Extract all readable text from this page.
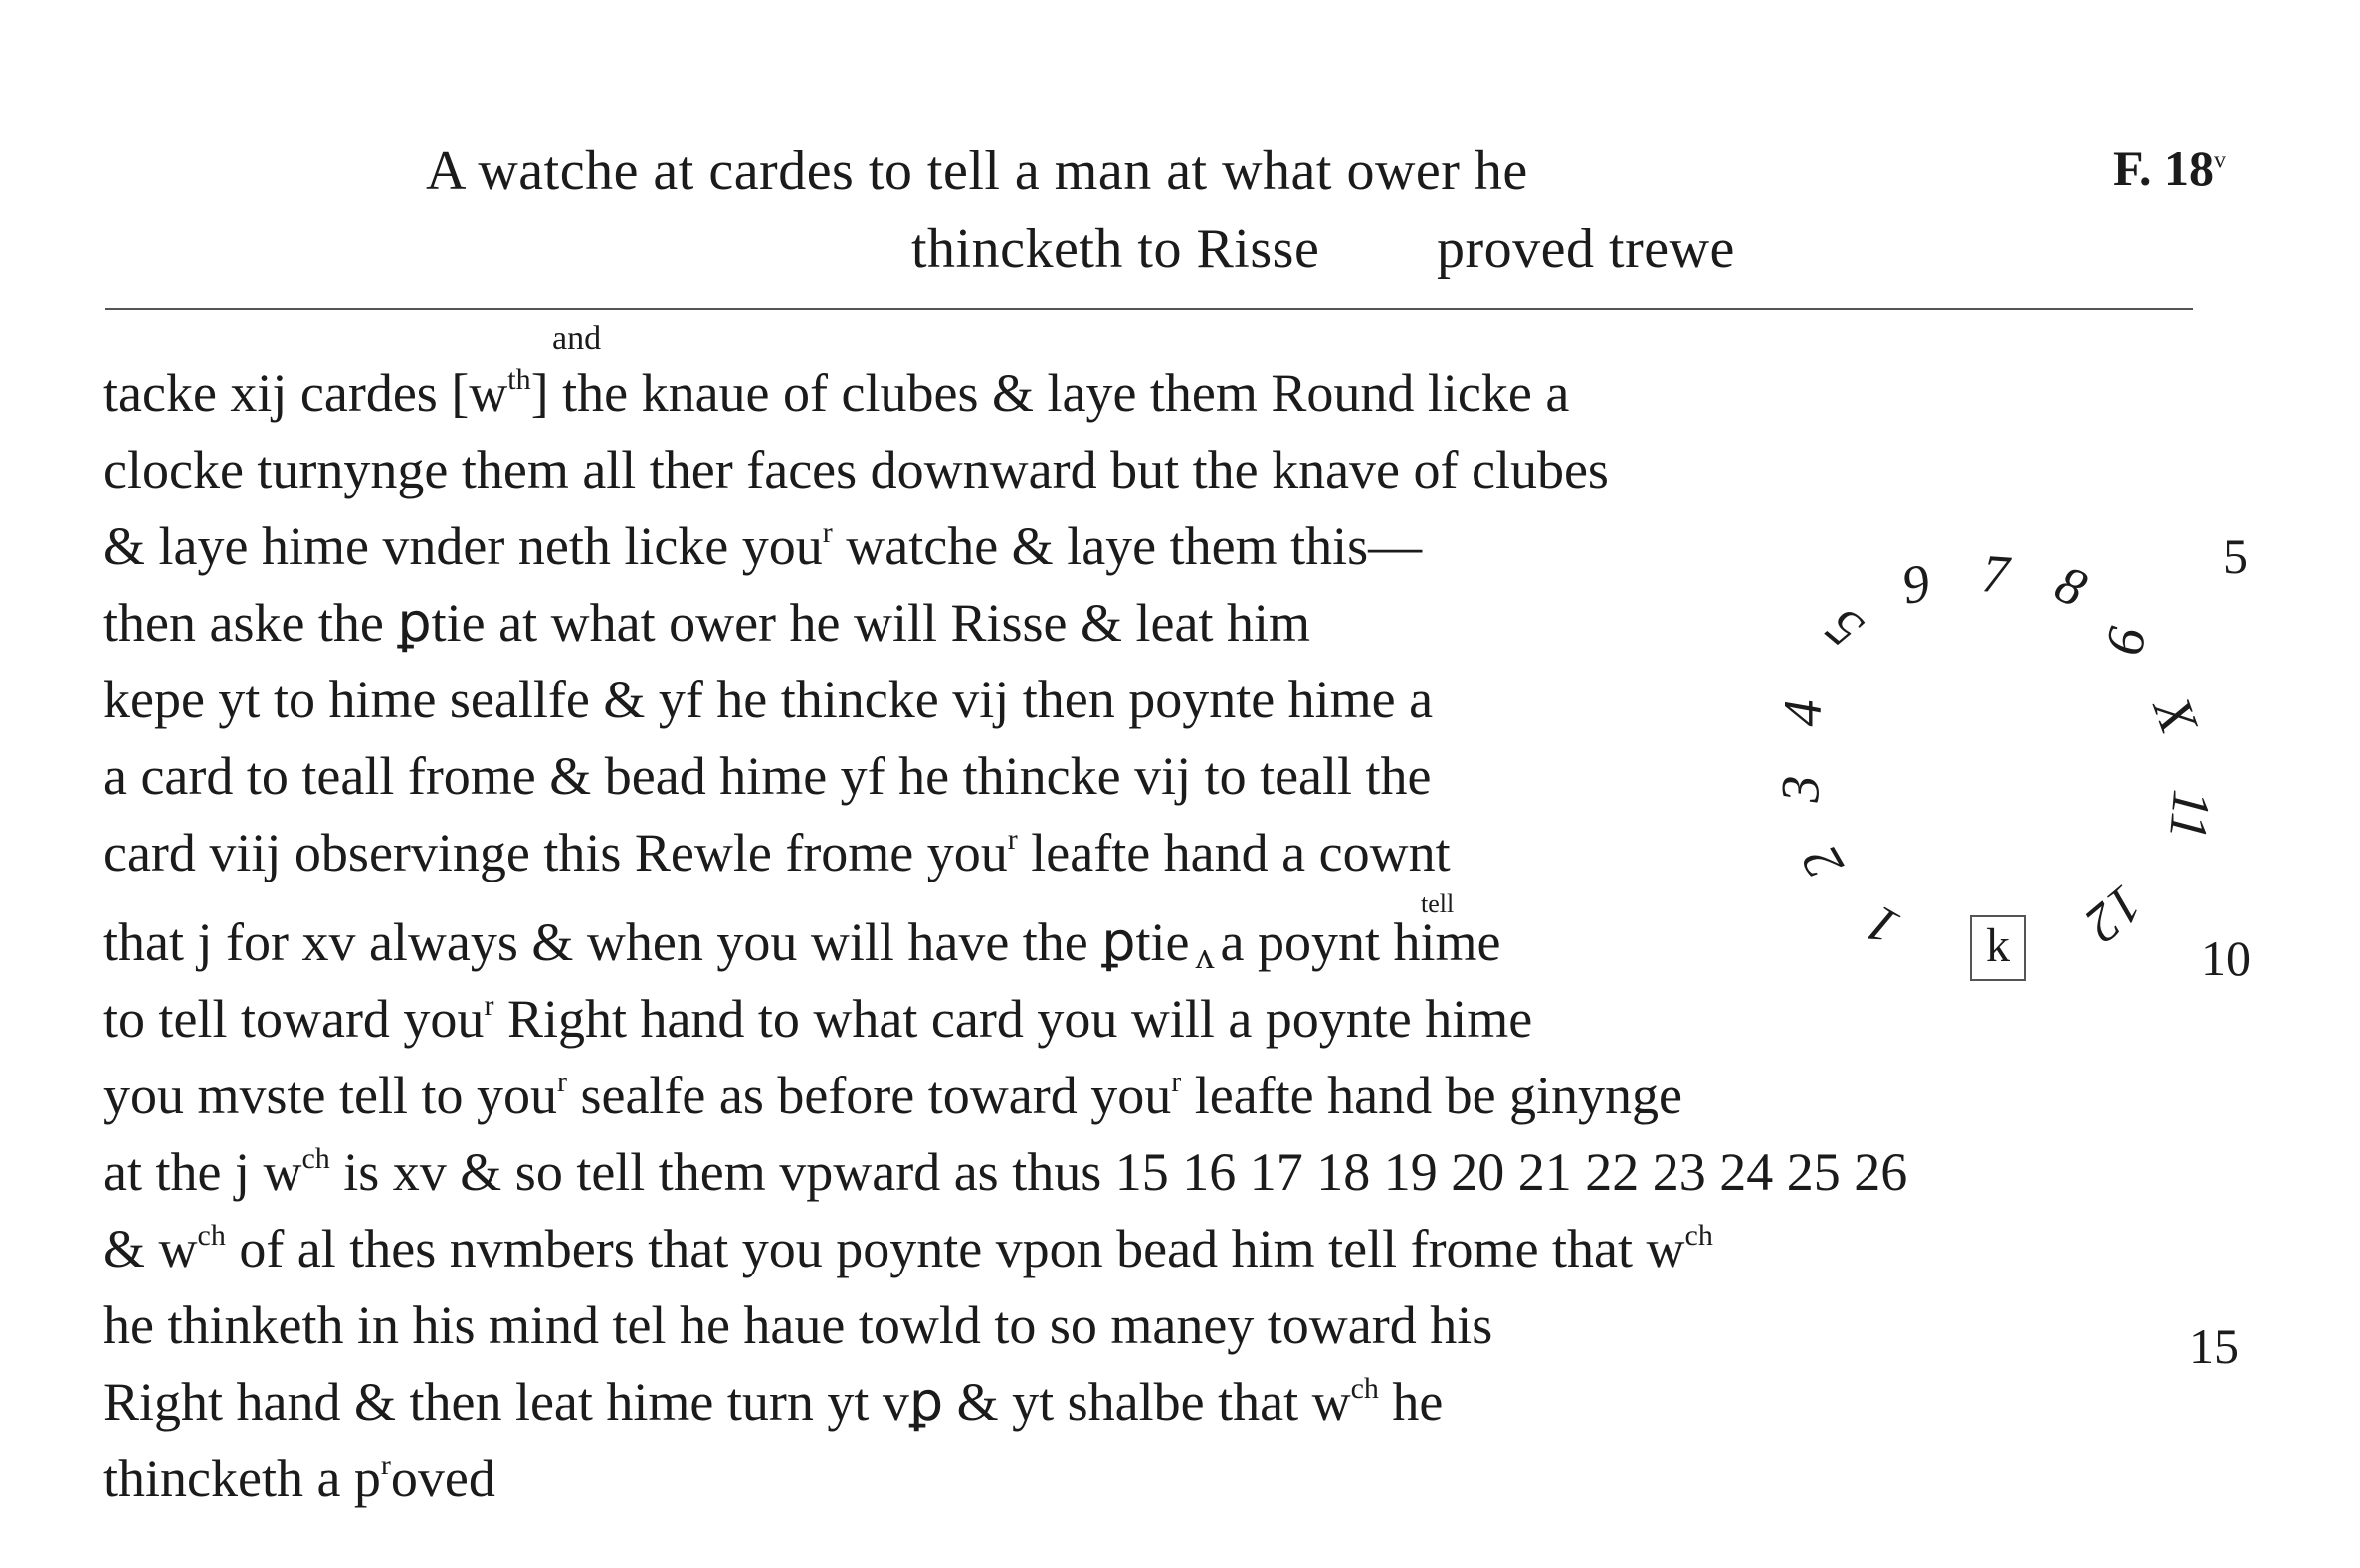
A watche at cardes to tell a man at what ower he
thincketh to Risse proved trewe
F. 18$^v$
and
tacke xij cardes $[w^{th}]$ the knaue of clubes & laye them Round licke a
clocke turnynge them all ther faces downward but the knave of clubes
& laye hime vnder neth licke you$^r$ watche & laye them this—
then aske the ꝑtie at what ower he will Risse & leat him
kepe yt to hime seallfe & yf he thincke vij then poynte hime a
a card to teall frome & bead hime yf he thincke vij to teall the
card viij observinge this Rewle frome you$^r$ leafte hand a cownt
tell
that j for xv always & when you will have the ꝑtie ʌ a poynt hime
to tell toward you$^r$ Right hand to what card you will a poynte hime
you mvste tell to you$^r$ sealfe as before toward you$^r$ leafte hand be ginynge
at the j $w^{ch}$ is xv & so tell them vpward as thus 15 16 17 18 19 20 21 22 23 24 25 26
& $w^{ch}$ of al thes nvmbers that you poynte vpon bead him tell frome that $w^{ch}$
he thinketh in his mind tel he haue towld to so maney toward his
Right hand & then leat hime turn yt vꝑ & yt shalbe that $w^{ch}$ he
thincketh a $p^roved$
5
10
15
5
9 7 8
9
X
4
3	11
2
12
1	k
